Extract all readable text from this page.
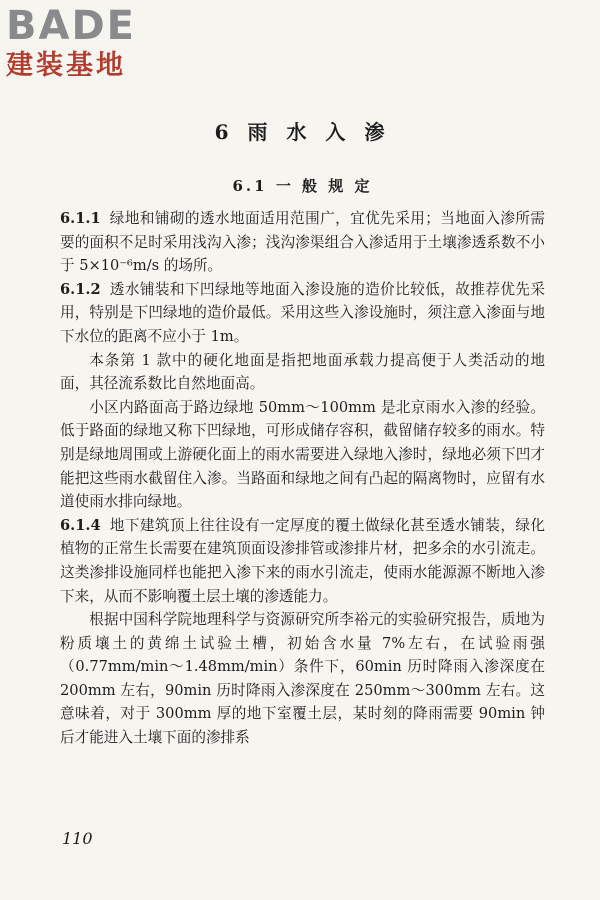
BADE
建装基地
6 雨 水 入 渗
6.1 一 般 规 定

6.1.1 绿地和铺砌的透水地面适用范围广，宜优先采用；当地面入渗所需要的面积不足时采用浅沟入渗；浅沟渗渠组合入渗适用于土壤渗透系数不小于 5×10⁻⁶m/s 的场所。

6.1.2 透水铺装和下凹绿地等地面入渗设施的造价比较低，故推荐优先采用，特别是下凹绿地的造价最低。采用这些入渗设施时，须注意入渗面与地下水位的距离不应小于 1m。

本条第 1 款中的硬化地面是指把地面承载力提高便于人类活动的地面，其径流系数比自然地面高。

小区内路面高于路边绿地 50mm～100mm 是北京雨水入渗的经验。低于路面的绿地又称下凹绿地，可形成储存容积，截留储存较多的雨水。特别是绿地周围或上游硬化面上的雨水需要进入绿地入渗时，绿地必须下凹才能把这些雨水截留住入渗。当路面和绿地之间有凸起的隔离物时，应留有水道使雨水排向绿地。

6.1.4 地下建筑顶上往往设有一定厚度的覆土做绿化甚至透水铺装，绿化植物的正常生长需要在建筑顶面设渗排管或渗排片材，把多余的水引流走。这类渗排设施同样也能把入渗下来的雨水引流走，使雨水能源源不断地入渗下来，从而不影响覆土层土壤的渗透能力。

根据中国科学院地理科学与资源研究所李裕元的实验研究报告，质地为粉质壤土的黄绵土试验土槽，初始含水量 7%左右，在试验雨强（0.77mm/min～1.48mm/min）条件下，60min 历时降雨入渗深度在 200mm 左右，90min 历时降雨入渗深度在 250mm～300mm 左右。这意味着，对于 300mm 厚的地下室覆土层，某时刻的降雨需要 90min 钟后才能进入土壤下面的渗排系

110
